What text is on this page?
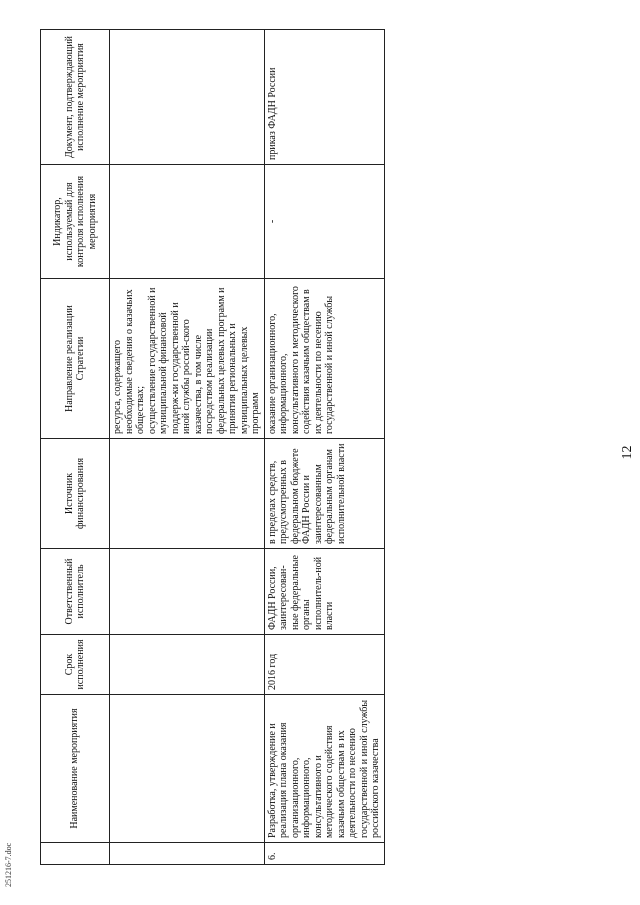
251216-7.doc
12
	Наименование мероприятия	Срок исполнения	Ответственный исполнитель	Источник финансирования	Направление реализации Стратегии	Индикатор, используемый для контроля исполнения мероприятия	Документ, подтверждающий исполнение мероприятия
					ресурса, содержащего необходимые сведения о казачьих обществах;
осуществление государственной и муниципальной финансовой поддерж-ки государственной и иной службы россий-ского казачества, в том числе посредством реализации федеральных целевых программ и принятия региональных и муниципальных целевых программ		
6.	Разработка, утверждение и реализация плана оказания организационного, информационного, консультативного и методического содействия казачьим обществам в их деятельности по несению государственной и иной службы российского казачества	2016 год	ФАДН России, заинтересован-ные федеральные органы исполнитель-ной власти	в пределах средств, предусмотренных в федеральном бюджете ФАДН России и заинтересованным федеральным органам исполнительной власти	оказание организационного, информационного, консультативного и методического содействия казачьим обществам в их деятельности по несению государственной и иной службы	-	приказ ФАДН России
